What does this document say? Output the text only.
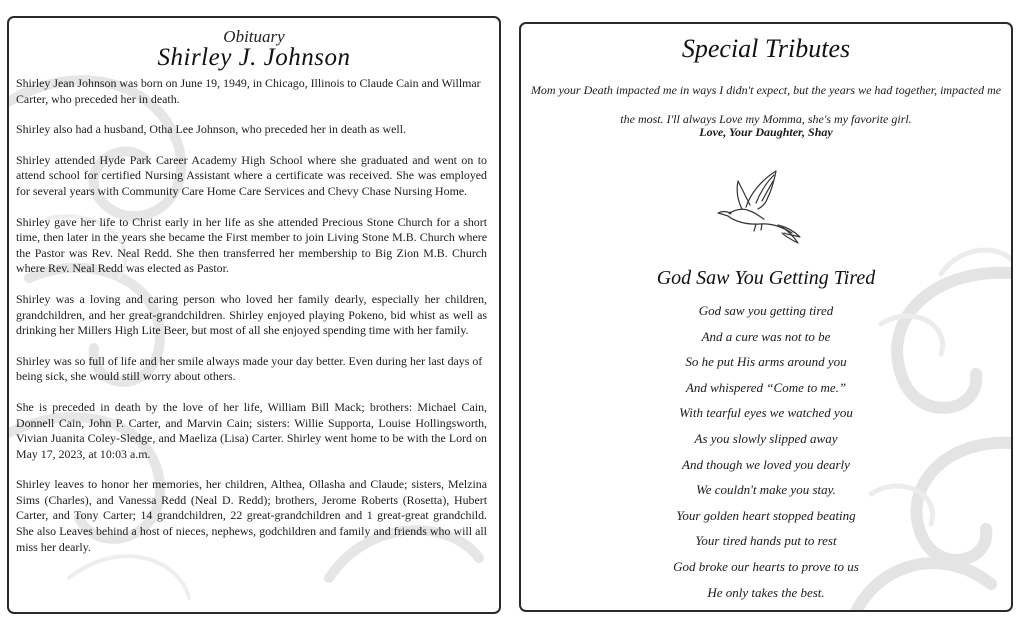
Obituary
Shirley J. Johnson

Shirley Jean Johnson was born on June 19, 1949, in Chicago, Illinois to Claude Cain and Willmar Carter, who preceded her in death.

Shirley also had a husband, Otha Lee Johnson, who preceded her in death as well.

Shirley attended Hyde Park Career Academy High School where she graduated and went on to attend school for certified Nursing Assistant where a certificate was received. She was employed for several years with Community Care Home Care Services and Chevy Chase Nursing Home.

Shirley gave her life to Christ early in her life as she attended Precious Stone Church for a short time, then later in the years she became the First member to join Living Stone M.B. Church where the Pastor was Rev. Neal Redd. She then transferred her membership to Big Zion M.B. Church where Rev. Neal Redd was elected as Pastor.

Shirley was a loving and caring person who loved her family dearly, especially her children, grandchildren, and her great-grandchildren. Shirley enjoyed playing Pokeno, bid whist as well as drinking her Millers High Lite Beer, but most of all she enjoyed spending time with her family.

Shirley was so full of life and her smile always made your day better. Even during her last days of being sick, she would still worry about others.

She is preceded in death by the love of her life, William Bill Mack; brothers: Michael Cain, Donnell Cain, John P. Carter, and Marvin Cain; sisters: Willie Supporta, Louise Hollingsworth, Vivian Juanita Coley-Sledge, and Maeliza (Lisa) Carter. Shirley went home to be with the Lord on May 17, 2023, at 10:03 a.m.

Shirley leaves to honor her memories, her children, Althea, Ollasha and Claude; sisters, Melzina Sims (Charles), and Vanessa Redd (Neal D. Redd); brothers, Jerome Roberts (Rosetta), Hubert Carter, and Tony Carter; 14 grandchildren, 22 great-grandchildren and 1 great-great grandchild. She also Leaves behind a host of nieces, nephews, godchildren and family and friends who will all miss her dearly.

Special Tributes
Mom your Death impacted me in ways I didn't expect, but the years we had together, impacted me the most. I'll always Love my Momma, she's my favorite girl.
Love, Your Daughter, Shay
God Saw You Getting Tired
God saw you getting tired
And a cure was not to be
So he put His arms around you
And whispered “Come to me.”
With tearful eyes we watched you
As you slowly slipped away
And though we loved you dearly
We couldn't make you stay.
Your golden heart stopped beating
Your tired hands put to rest
God broke our hearts to prove to us
He only takes the best.
